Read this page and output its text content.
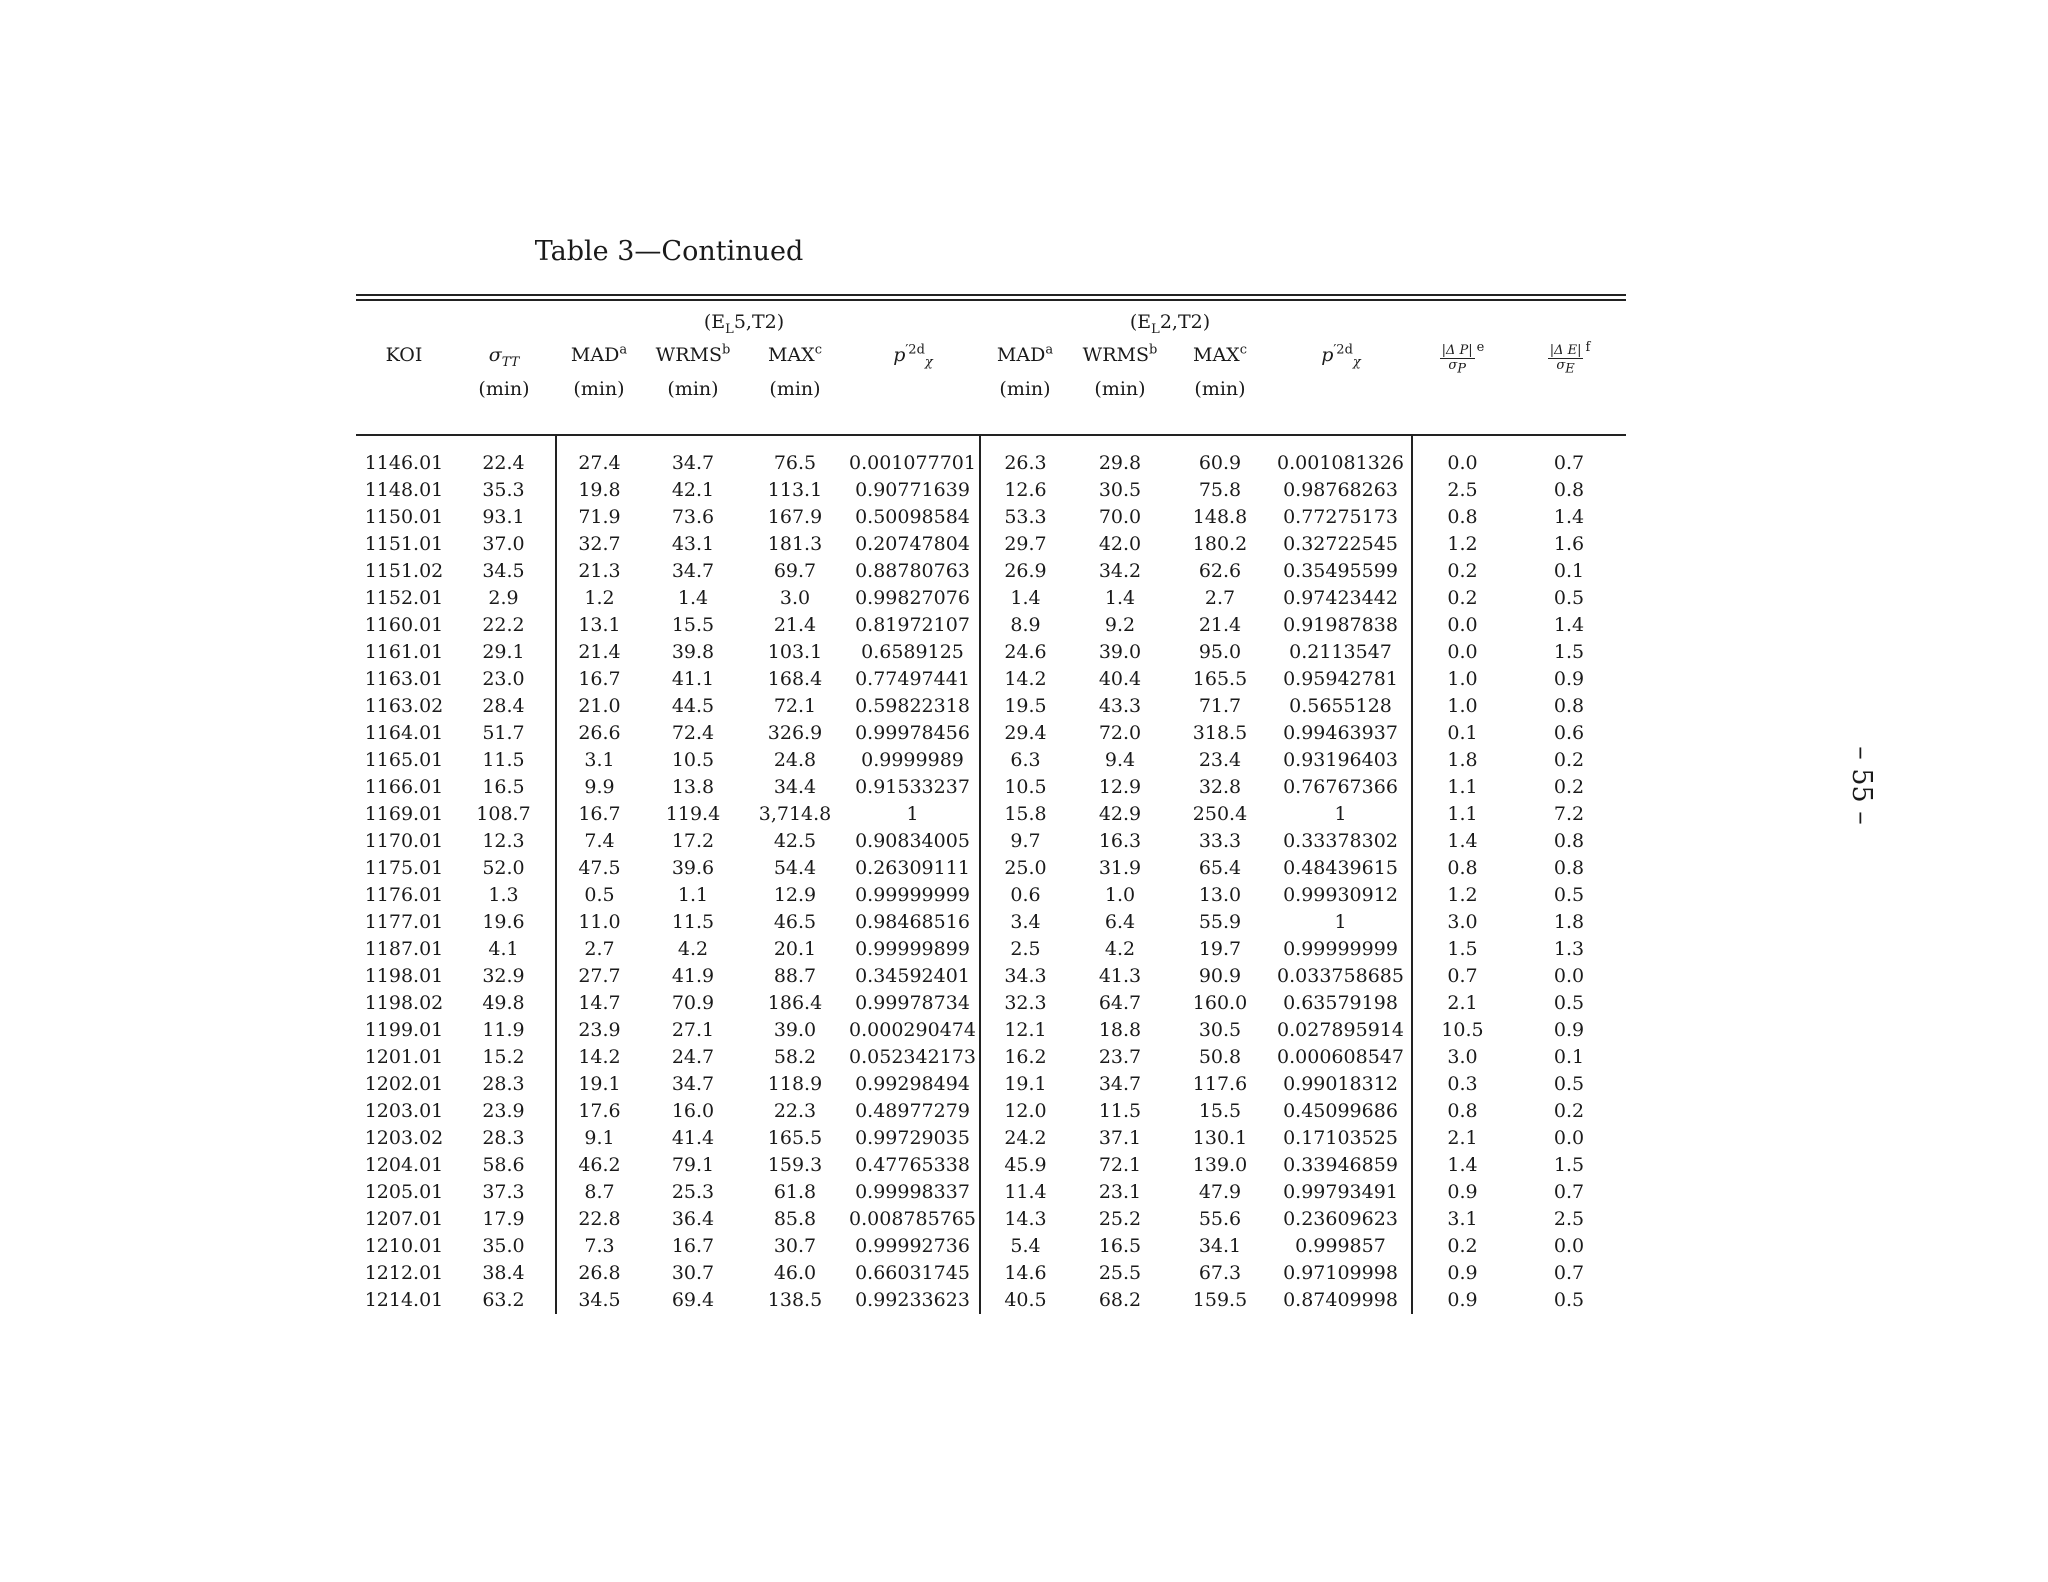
Table 3—Continued
			$(E_L5,T2)$				$(E_L2,T2)$				
KOI	$\sigma_{TT}$	MAD$^a$	WRMS$^b$	MAX$^c$	$p^{'2d}_\chi$	MAD$^a$	WRMS$^b$	MAX$^c$	$p^{'2d}_\chi$	$\frac{\text{|Δ P|}}{\sigma_P}^e$	$\frac{\text{|Δ E|}}{\sigma_E}^f$

	(min)	(min)	(min)	(min)		(min)	(min)	(min)			

1146.01	22.4	27.4	34.7	76.5	0.001077701	26.3	29.8	60.9	0.001081326	0.0	0.7
1148.01	35.3	19.8	42.1	113.1	0.90771639	12.6	30.5	75.8	0.98768263	2.5	0.8
1150.01	93.1	71.9	73.6	167.9	0.50098584	53.3	70.0	148.8	0.77275173	0.8	1.4
1151.01	37.0	32.7	43.1	181.3	0.20747804	29.7	42.0	180.2	0.32722545	1.2	1.6
1151.02	34.5	21.3	34.7	69.7	0.88780763	26.9	34.2	62.6	0.35495599	0.2	0.1
1152.01	2.9	1.2	1.4	3.0	0.99827076	1.4	1.4	2.7	0.97423442	0.2	0.5
1160.01	22.2	13.1	15.5	21.4	0.81972107	8.9	9.2	21.4	0.91987838	0.0	1.4
1161.01	29.1	21.4	39.8	103.1	0.6589125	24.6	39.0	95.0	0.2113547	0.0	1.5
1163.01	23.0	16.7	41.1	168.4	0.77497441	14.2	40.4	165.5	0.95942781	1.0	0.9
1163.02	28.4	21.0	44.5	72.1	0.59822318	19.5	43.3	71.7	0.5655128	1.0	0.8
1164.01	51.7	26.6	72.4	326.9	0.99978456	29.4	72.0	318.5	0.99463937	0.1	0.6
1165.01	11.5	3.1	10.5	24.8	0.9999989	6.3	9.4	23.4	0.93196403	1.8	0.2
1166.01	16.5	9.9	13.8	34.4	0.91533237	10.5	12.9	32.8	0.76767366	1.1	0.2
1169.01	108.7	16.7	119.4	3,714.8	1	15.8	42.9	250.4	1	1.1	7.2
1170.01	12.3	7.4	17.2	42.5	0.90834005	9.7	16.3	33.3	0.33378302	1.4	0.8
1175.01	52.0	47.5	39.6	54.4	0.26309111	25.0	31.9	65.4	0.48439615	0.8	0.8
1176.01	1.3	0.5	1.1	12.9	0.99999999	0.6	1.0	13.0	0.99930912	1.2	0.5
1177.01	19.6	11.0	11.5	46.5	0.98468516	3.4	6.4	55.9	1	3.0	1.8
1187.01	4.1	2.7	4.2	20.1	0.99999899	2.5	4.2	19.7	0.99999999	1.5	1.3
1198.01	32.9	27.7	41.9	88.7	0.34592401	34.3	41.3	90.9	0.033758685	0.7	0.0
1198.02	49.8	14.7	70.9	186.4	0.99978734	32.3	64.7	160.0	0.63579198	2.1	0.5
1199.01	11.9	23.9	27.1	39.0	0.000290474	12.1	18.8	30.5	0.027895914	10.5	0.9
1201.01	15.2	14.2	24.7	58.2	0.052342173	16.2	23.7	50.8	0.000608547	3.0	0.1
1202.01	28.3	19.1	34.7	118.9	0.99298494	19.1	34.7	117.6	0.99018312	0.3	0.5
1203.01	23.9	17.6	16.0	22.3	0.48977279	12.0	11.5	15.5	0.45099686	0.8	0.2
1203.02	28.3	9.1	41.4	165.5	0.99729035	24.2	37.1	130.1	0.17103525	2.1	0.0
1204.01	58.6	46.2	79.1	159.3	0.47765338	45.9	72.1	139.0	0.33946859	1.4	1.5
1205.01	37.3	8.7	25.3	61.8	0.99998337	11.4	23.1	47.9	0.99793491	0.9	0.7
1207.01	17.9	22.8	36.4	85.8	0.008785765	14.3	25.2	55.6	0.23609623	3.1	2.5
1210.01	35.0	7.3	16.7	30.7	0.99992736	5.4	16.5	34.1	0.999857	0.2	0.0
1212.01	38.4	26.8	30.7	46.0	0.66031745	14.6	25.5	67.3	0.97109998	0.9	0.7
1214.01	63.2	34.5	69.4	138.5	0.99233623	40.5	68.2	159.5	0.87409998	0.9	0.5
– 55 –
